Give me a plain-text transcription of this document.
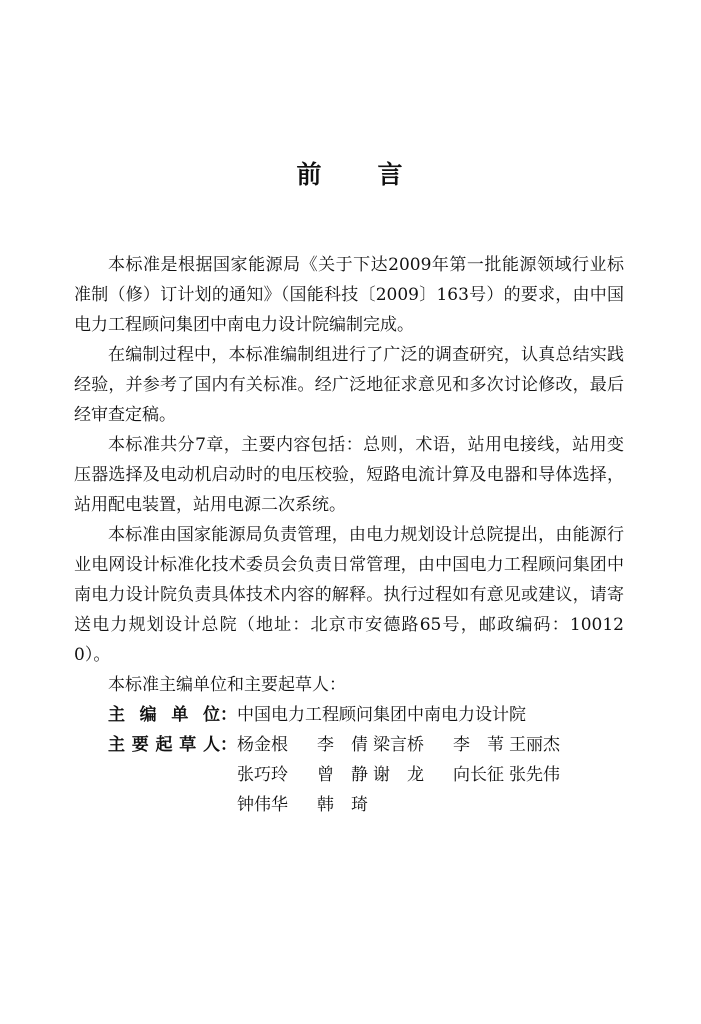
前 言

本标准是根据国家能源局《关于下达2009年第一批能源领域行业标准制（修）订计划的通知》（国能科技〔2009〕163号）的要求，由中国电力工程顾问集团中南电力设计院编制完成。

在编制过程中，本标准编制组进行了广泛的调查研究，认真总结实践经验，并参考了国内有关标准。经广泛地征求意见和多次讨论修改，最后经审查定稿。

本标准共分7章，主要内容包括：总则，术语，站用电接线，站用变压器选择及电动机启动时的电压校验，短路电流计算及电器和导体选择，站用配电装置，站用电源二次系统。

本标准由国家能源局负责管理，由电力规划设计总院提出，由能源行业电网设计标准化技术委员会负责日常管理，由中国电力工程顾问集团中南电力设计院负责具体技术内容的解释。执行过程如有意见或建议，请寄送电力规划设计总院（地址：北京市安德路65号，邮政编码：100120）。

本标准主编单位和主要起草人：

主编单位 ： 中国电力工程顾问集团中南电力设计院
主要起草人 ： 杨金根	李　倩 梁言桥	李　苇 王丽杰
张巧玲	曾　静 谢　龙	向长征 张先伟
钟伟华	韩　琦
